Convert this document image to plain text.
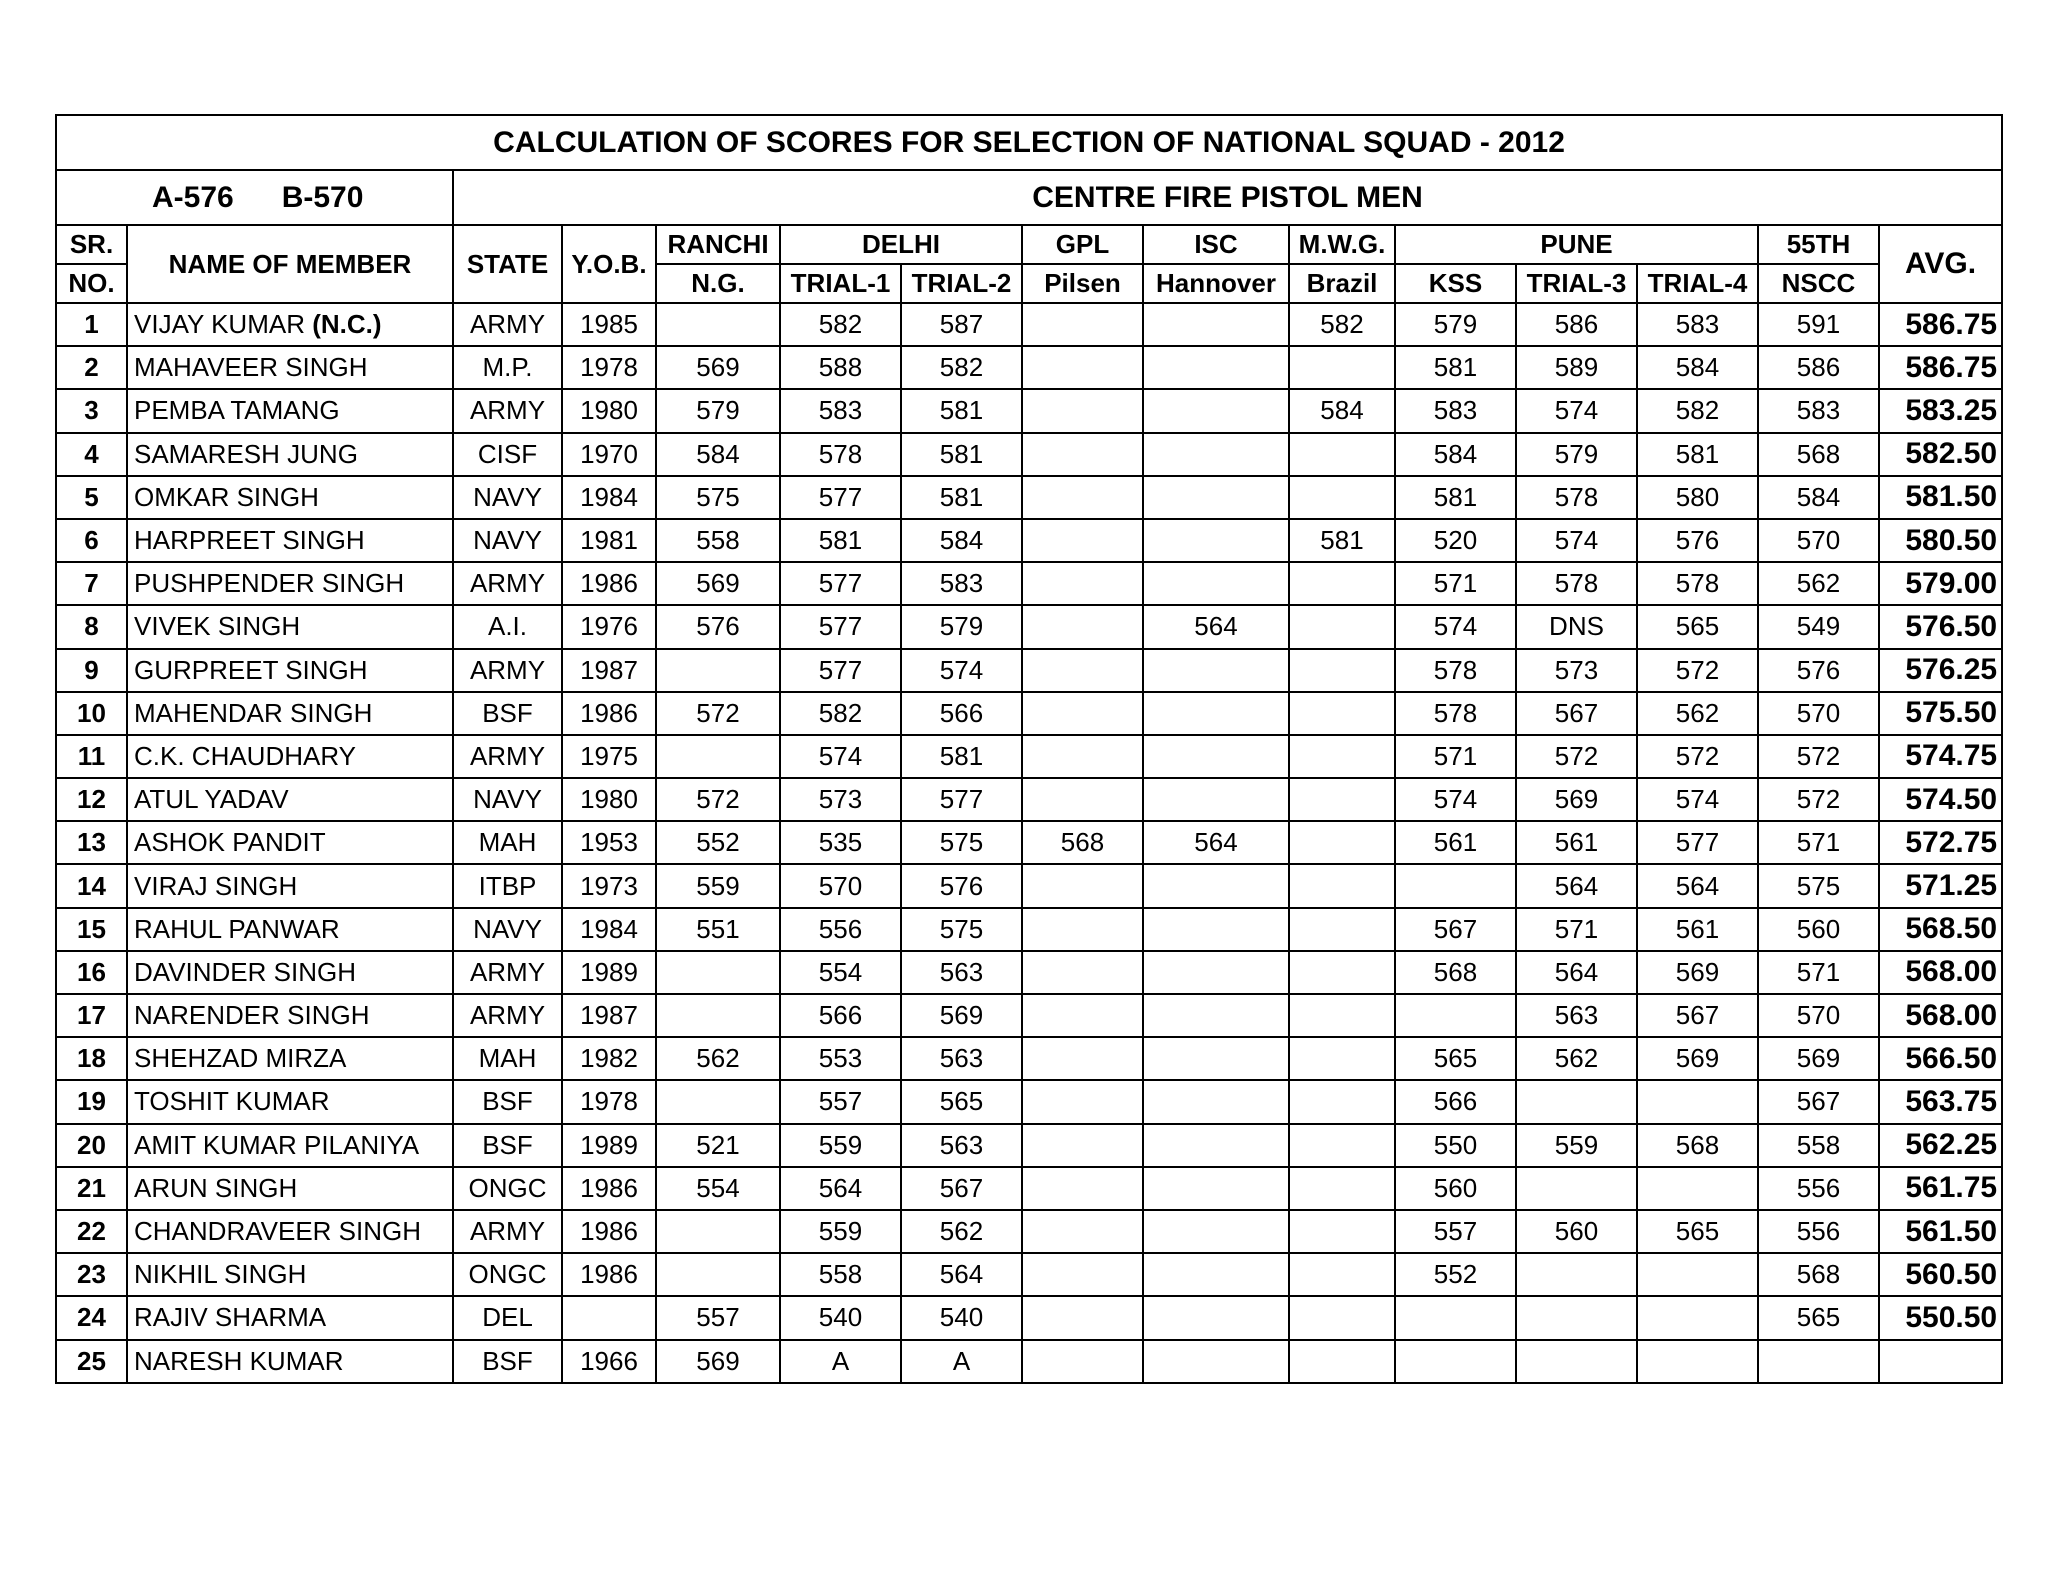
CALCULATION OF SCORES FOR SELECTION OF NATIONAL SQUAD - 2012														
A-576 B-570		CENTRE FIRE PISTOL MEN												
SR.	NAME OF MEMBER	STATE	Y.O.B.	RANCHI	DELHI		GPL	ISC	M.W.G.	PUNE			55TH	AVG.
NO.				N.G.	TRIAL-1	TRIAL-2	Pilsen	Hannover	Brazil	KSS	TRIAL-3	TRIAL-4	NSCC	
1	VIJAY KUMAR (N.C.)	ARMY	1985		582	587			582	579	586	583	591	586.75
2	MAHAVEER SINGH	M.P.	1978	569	588	582				581	589	584	586	586.75
3	PEMBA TAMANG	ARMY	1980	579	583	581			584	583	574	582	583	583.25
4	SAMARESH JUNG	CISF	1970	584	578	581				584	579	581	568	582.50
5	OMKAR SINGH	NAVY	1984	575	577	581				581	578	580	584	581.50
6	HARPREET SINGH	NAVY	1981	558	581	584			581	520	574	576	570	580.50
7	PUSHPENDER SINGH	ARMY	1986	569	577	583				571	578	578	562	579.00
8	VIVEK SINGH	A.I.	1976	576	577	579		564		574	DNS	565	549	576.50
9	GURPREET SINGH	ARMY	1987		577	574				578	573	572	576	576.25
10	MAHENDAR SINGH	BSF	1986	572	582	566				578	567	562	570	575.50
11	C.K. CHAUDHARY	ARMY	1975		574	581				571	572	572	572	574.75
12	ATUL YADAV	NAVY	1980	572	573	577				574	569	574	572	574.50
13	ASHOK PANDIT	MAH	1953	552	535	575	568	564		561	561	577	571	572.75
14	VIRAJ SINGH	ITBP	1973	559	570	576					564	564	575	571.25
15	RAHUL PANWAR	NAVY	1984	551	556	575				567	571	561	560	568.50
16	DAVINDER SINGH	ARMY	1989		554	563				568	564	569	571	568.00
17	NARENDER SINGH	ARMY	1987		566	569					563	567	570	568.00
18	SHEHZAD MIRZA	MAH	1982	562	553	563				565	562	569	569	566.50
19	TOSHIT KUMAR	BSF	1978		557	565				566			567	563.75
20	AMIT KUMAR PILANIYA	BSF	1989	521	559	563				550	559	568	558	562.25
21	ARUN SINGH	ONGC	1986	554	564	567				560			556	561.75
22	CHANDRAVEER SINGH	ARMY	1986		559	562				557	560	565	556	561.50
23	NIKHIL SINGH	ONGC	1986		558	564				552			568	560.50
24	RAJIV SHARMA	DEL		557	540	540							565	550.50
25	NARESH KUMAR	BSF	1966	569	A	A								
